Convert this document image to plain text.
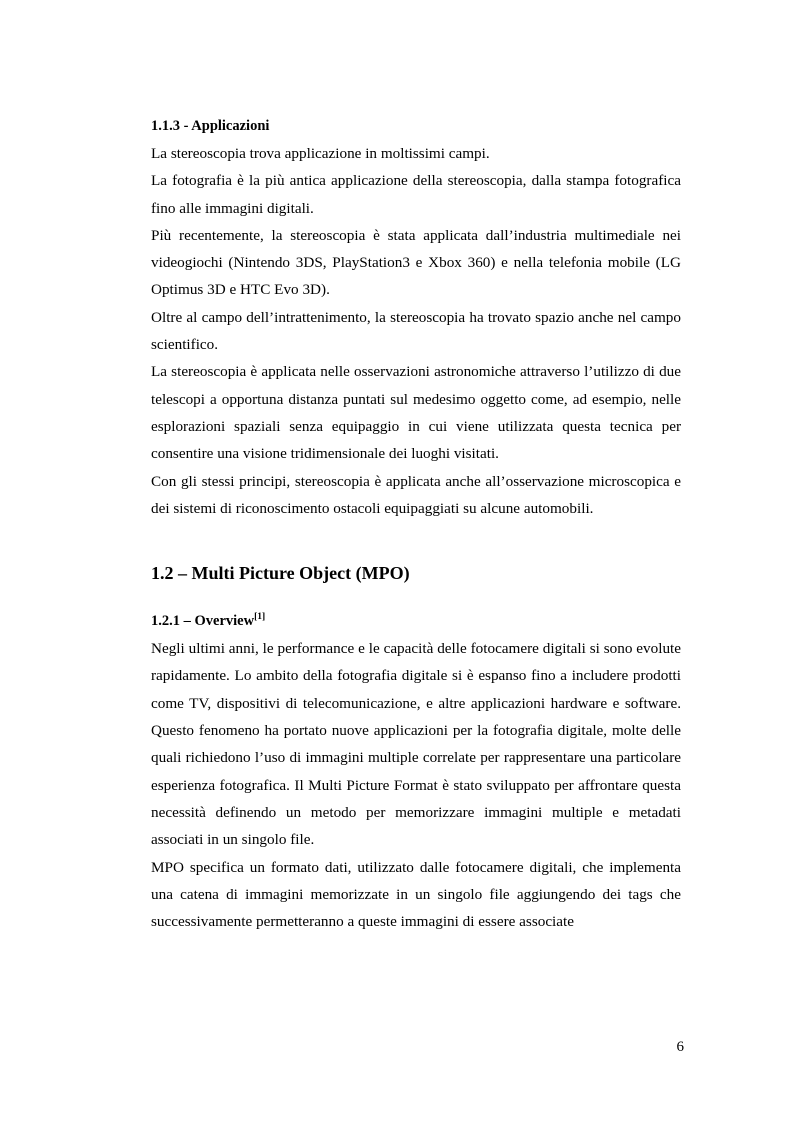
1.1.3 - Applicazioni

La stereoscopia trova applicazione in moltissimi campi.

La fotografia è la più antica applicazione della stereoscopia, dalla stampa fotografica fino alle immagini digitali.

Più recentemente, la stereoscopia è stata applicata dall’industria multimediale nei videogiochi (Nintendo 3DS, PlayStation3 e Xbox 360) e nella telefonia mobile (LG Optimus 3D e HTC Evo 3D).

Oltre al campo dell’intrattenimento, la stereoscopia ha trovato spazio anche nel campo scientifico.

La stereoscopia è applicata nelle osservazioni astronomiche attraverso l’utilizzo di due telescopi a opportuna distanza puntati sul medesimo oggetto come, ad esempio, nelle esplorazioni spaziali senza equipaggio in cui viene utilizzata questa tecnica per consentire una visione tridimensionale dei luoghi visitati.

Con gli stessi principi, stereoscopia è applicata anche all’osservazione microscopica e dei sistemi di riconoscimento ostacoli equipaggiati su alcune automobili.

1.2 – Multi Picture Object (MPO)
1.2.1 – Overview[1]

Negli ultimi anni, le performance e le capacità delle fotocamere digitali si sono evolute rapidamente. Lo ambito della fotografia digitale si è espanso fino a includere prodotti come TV, dispositivi di telecomunicazione, e altre applicazioni hardware e software. Questo fenomeno ha portato nuove applicazioni per la fotografia digitale, molte delle quali richiedono l’uso di immagini multiple correlate per rappresentare una particolare esperienza fotografica. Il Multi Picture Format è stato sviluppato per affrontare questa necessità definendo un metodo per memorizzare immagini multiple e metadati associati in un singolo file.

MPO specifica un formato dati, utilizzato dalle fotocamere digitali, che implementa una catena di immagini memorizzate in un singolo file aggiungendo dei tags che successivamente permetteranno a queste immagini di essere associate

6
